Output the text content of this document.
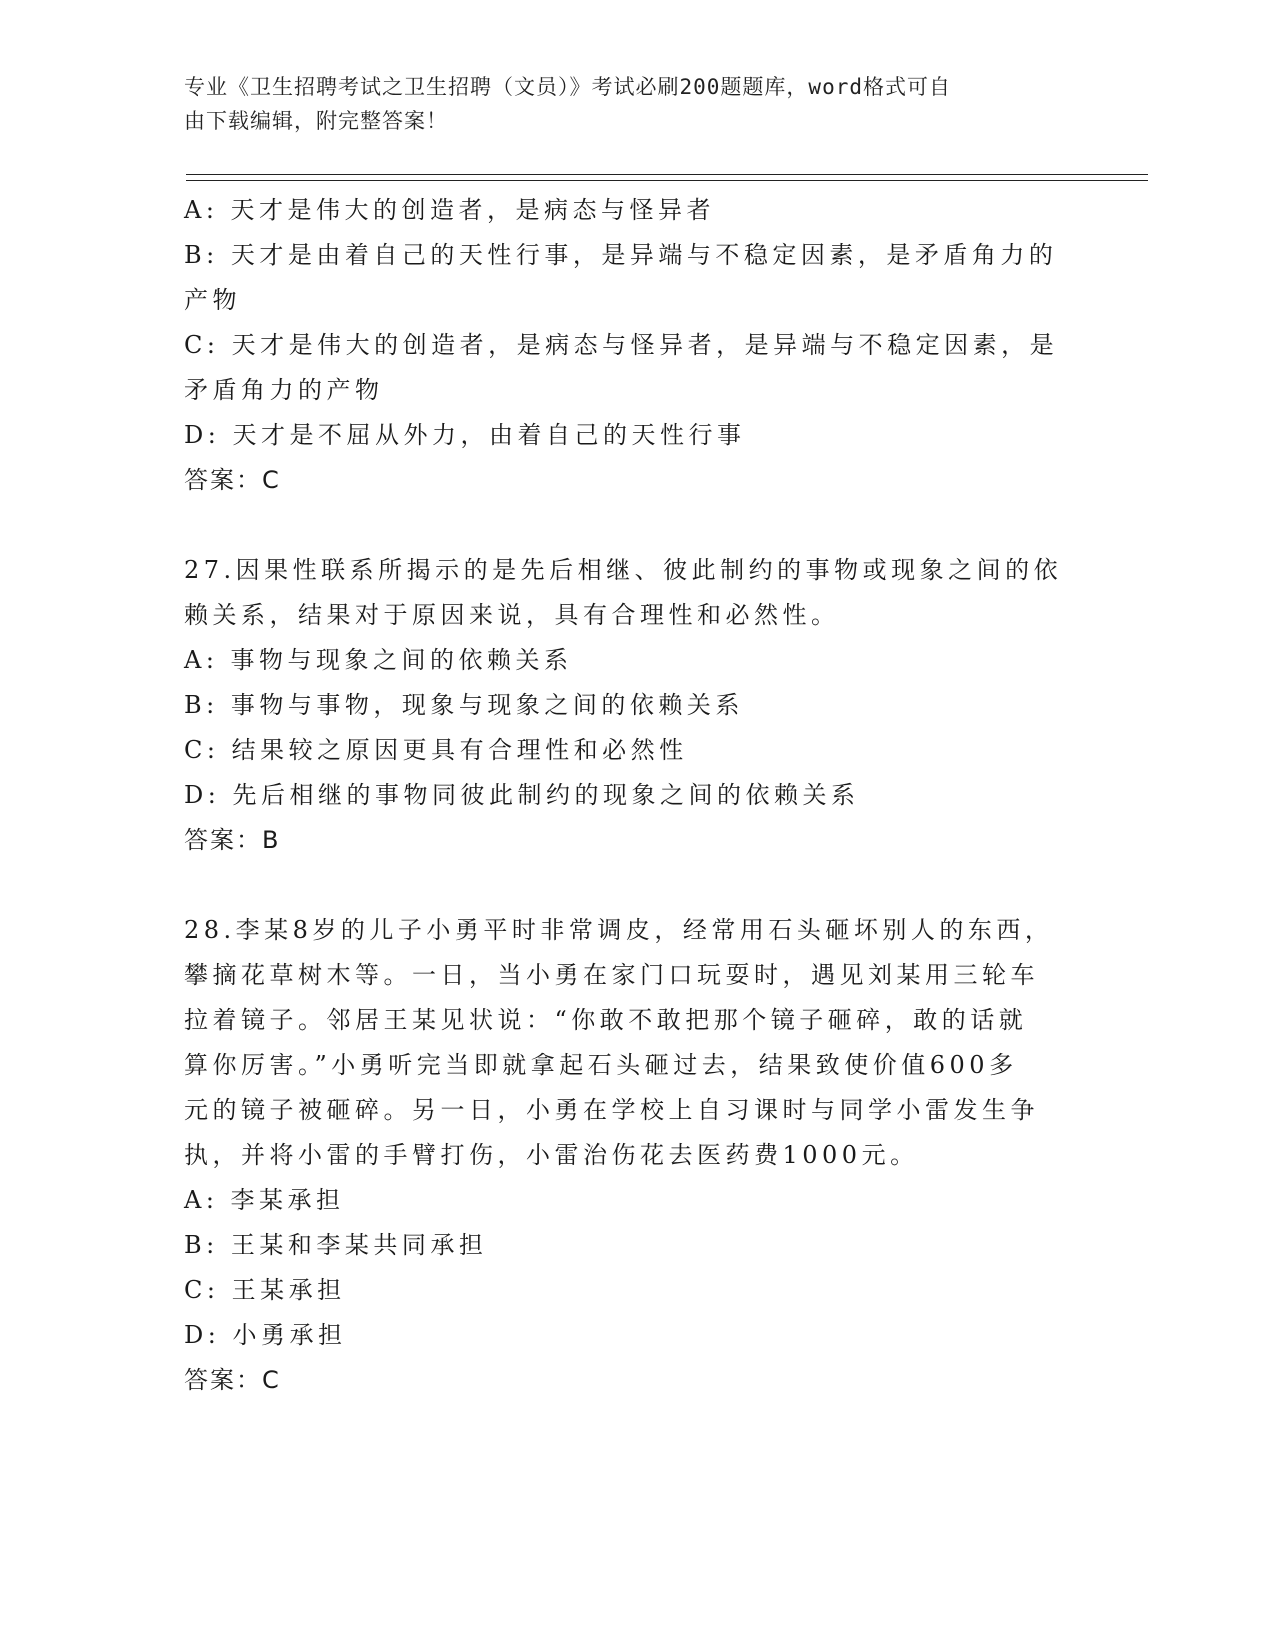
专业《卫生招聘考试之卫生招聘（文员）》考试必刷200题题库，word格式可自
由下载编辑，附完整答案！
A: 天才是伟大的创造者，是病态与怪异者
B: 天才是由着自己的天性行事，是异端与不稳定因素，是矛盾角力的
产物
C: 天才是伟大的创造者，是病态与怪异者，是异端与不稳定因素，是
矛盾角力的产物
D: 天才是不屈从外力，由着自己的天性行事
答案：C
27.因果性联系所揭示的是先后相继、彼此制约的事物或现象之间的依
赖关系，结果对于原因来说，具有合理性和必然性。
A: 事物与现象之间的依赖关系
B: 事物与事物，现象与现象之间的依赖关系
C: 结果较之原因更具有合理性和必然性
D: 先后相继的事物同彼此制约的现象之间的依赖关系
答案：B
28.李某8岁的儿子小勇平时非常调皮，经常用石头砸坏别人的东西，
攀摘花草树木等。一日，当小勇在家门口玩耍时，遇见刘某用三轮车
拉着镜子。邻居王某见状说：“你敢不敢把那个镜子砸碎，敢的话就
算你厉害。”小勇听完当即就拿起石头砸过去，结果致使价值600多
元的镜子被砸碎。另一日，小勇在学校上自习课时与同学小雷发生争
执，并将小雷的手臂打伤，小雷治伤花去医药费1000元。
A: 李某承担
B: 王某和李某共同承担
C: 王某承担
D: 小勇承担
答案：C
